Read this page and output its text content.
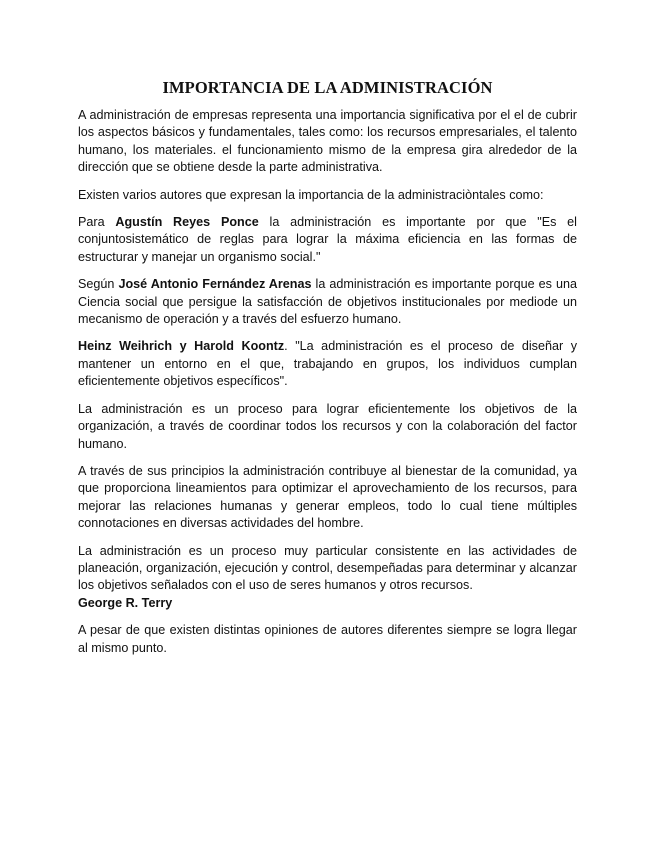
IMPORTANCIA DE LA ADMINISTRACIÓN

A administración de empresas representa una importancia significativa por el el de cubrir los aspectos básicos y fundamentales, tales como: los recursos empresariales, el talento humano, los materiales. el funcionamiento mismo de la empresa gira alrededor de la dirección que se obtiene desde la parte administrativa.

Existen varios autores que expresan la importancia de la administraciòntales como:

Para Agustín Reyes Ponce la administración es importante por que "Es el conjuntosistemático de reglas para lograr la máxima eficiencia en las formas de estructurar y manejar un organismo social."

Según José Antonio Fernández Arenas la administración es importante porque es una Ciencia social que persigue la satisfacción de objetivos institucionales por mediode un mecanismo de operación y a través del esfuerzo humano.

Heinz Weihrich y Harold Koontz. "La administración es el proceso de diseñar y mantener un entorno en el que, trabajando en grupos, los individuos cumplan eficientemente objetivos específicos".

La administración es un proceso para lograr eficientemente los objetivos de la organización, a través de coordinar todos los recursos y con la colaboración del factor humano.

A través de sus principios la administración contribuye al bienestar de la comunidad, ya que proporciona lineamientos para optimizar el aprovechamiento de los recursos, para mejorar las relaciones humanas y generar empleos, todo lo cual tiene múltiples connotaciones en diversas actividades del hombre.

La administración es un proceso muy particular consistente en las actividades de planeación, organización, ejecución y control, desempeñadas para determinar y alcanzar los objetivos señalados con el uso de seres humanos y otros recursos.
George R. Terry

A pesar de que existen distintas opiniones de autores diferentes siempre se logra llegar al mismo punto.
